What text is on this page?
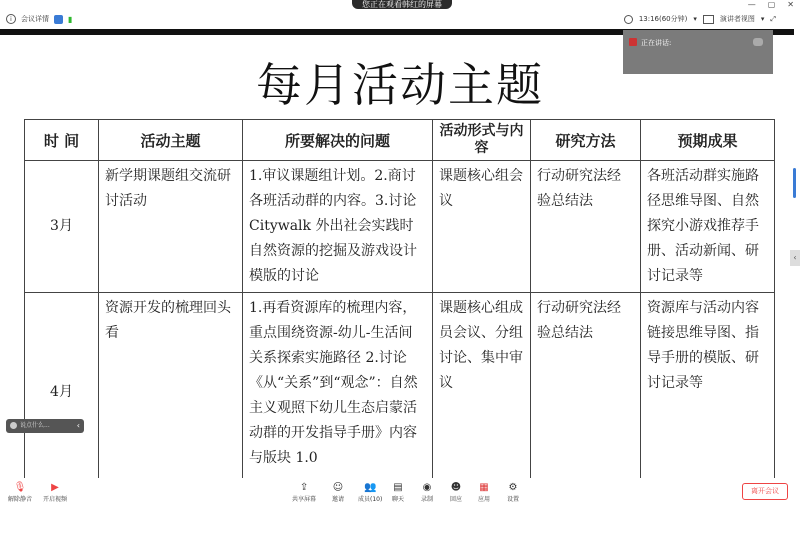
您正在观看韩红的屏幕
i	会议详情 ▮	13:16(60分钟) ▾	演讲者视图 ▾ ⤢
— ▢ ✕
每月活动主题
时 间	活动主题	所要解决的问题	活动形式与内容	研究方法	预期成果
3月	新学期课题组交流研讨活动	1.审议课题组计划。2.商讨各班活动群的内容。3.讨论 Citywalk 外出社会实践时自然资源的挖掘及游戏设计模版的讨论	课题核心组会议	行动研究法经验总结法	各班活动群实施路径思维导图、自然探究小游戏推荐手册、活动新闻、研讨记录等
4月	资源开发的梳理回头看	1.再看资源库的梳理内容，重点围绕资源-幼儿-生活间关系探索实施路径 2.讨论《从“关系”到“观念”：自然主义观照下幼儿生态启蒙活动群的开发指导手册》内容与版块 1.0	课题核心组成员会议、分组讨论、集中审议	行动研究法经验总结法	资源库与活动内容链接思维导图、指导手册的模版、研讨记录等
正在讲话:
‹
说点什么...	‹
🎙
解除静音
▶
开启视频
⇪
共享屏幕
☺
邀请
👥
成员(10)
▤
聊天
◉
录制
☻
回应
▦
应用
⚙
设置
离开会议
